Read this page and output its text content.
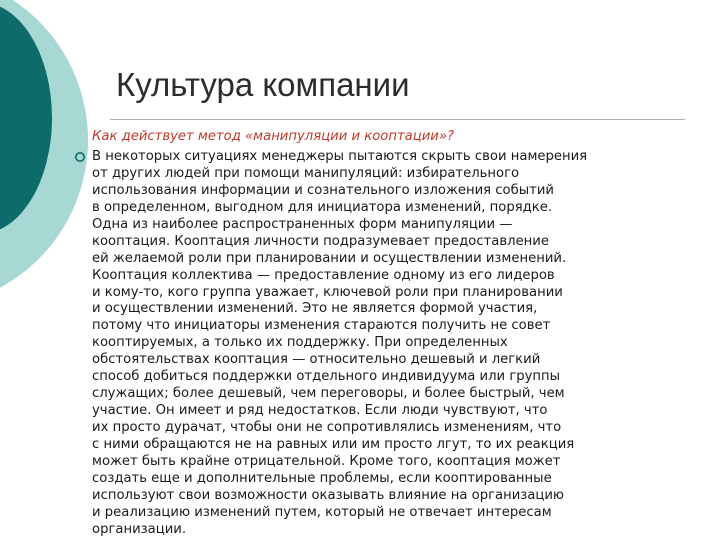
Культура компании
Как действует метод «манипуляции и кооптации»?
В некоторых ситуациях менеджеры пытаются скрыть свои намерения
от других людей при помощи манипуляций: избирательного
использования информации и сознательного изложения событий
в определенном, выгодном для инициатора изменений, порядке.
Одна из наиболее распространенных форм манипуляции —
кооптация. Кооптация личности подразумевает предоставление
ей желаемой роли при планировании и осуществлении изменений.
Кооптация коллектива — предоставление одному из его лидеров
и кому-то, кого группа уважает, ключевой роли при планировании
и осуществлении изменений. Это не является формой участия,
потому что инициаторы изменения стараются получить не совет
кооптируемых, а только их поддержку. При определенных
обстоятельствах кооптация — относительно дешевый и легкий
способ добиться поддержки отдельного индивидуума или группы
служащих; более дешевый, чем переговоры, и более быстрый, чем
участие. Он имеет и ряд недостатков. Если люди чувствуют, что
их просто дурачат, чтобы они не сопротивлялись изменениям, что
с ними обращаются не на равных или им просто лгут, то их реакция
может быть крайне отрицательной. Кроме того, кооптация может
создать еще и дополнительные проблемы, если кооптированные
используют свои возможности оказывать влияние на организацию
и реализацию изменений путем, который не отвечает интересам
организации.
